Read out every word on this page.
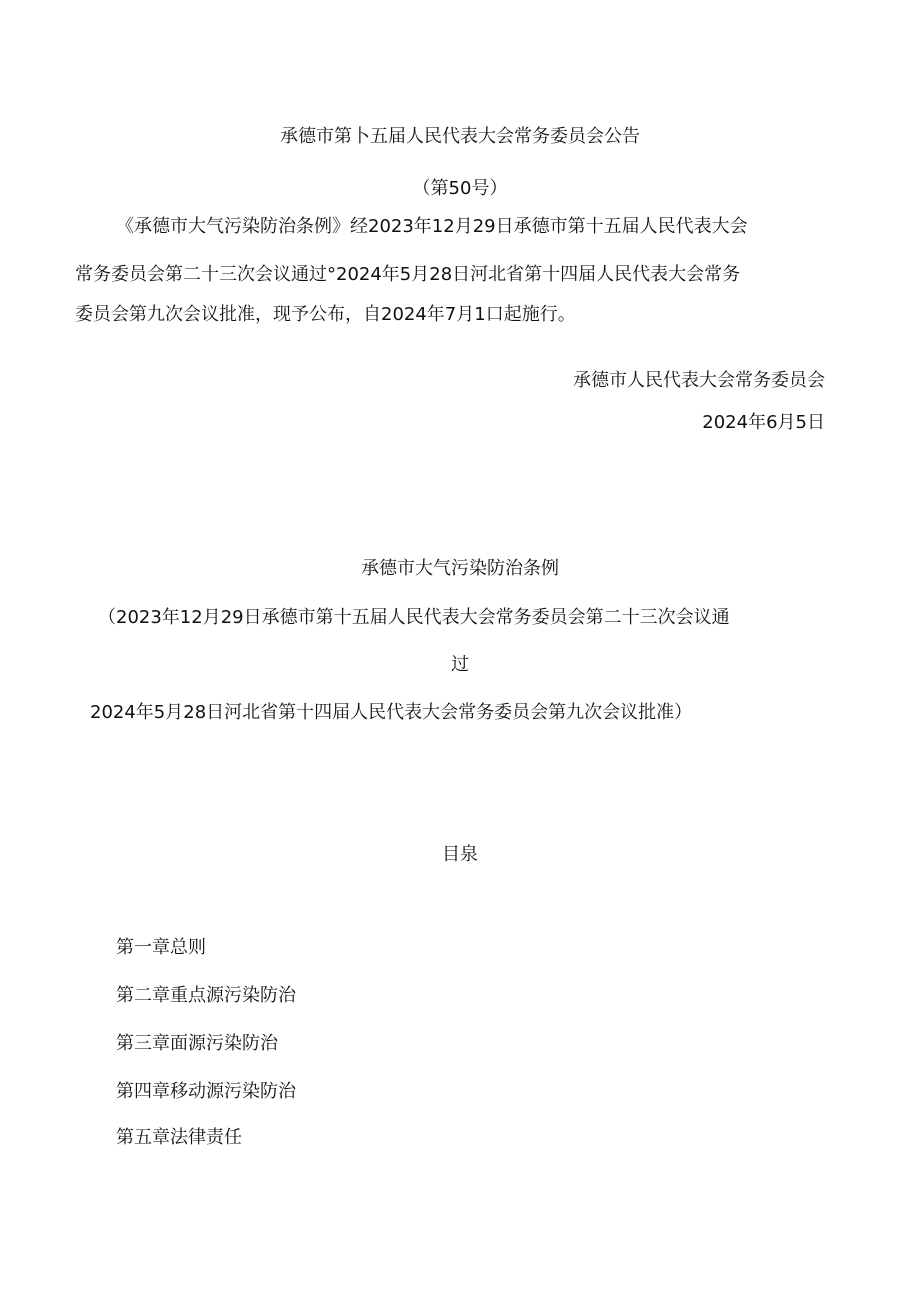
承德市第卜五届人民代表大会常务委员会公告
（第50号）
《承德市大气污染防治条例》经2023年12月29日承德市第十五届人民代表大会
常务委员会第二十三次会议通过°2024年5月28日河北省第十四届人民代表大会常务
委员会第九次会议批准，现予公布，自2024年7月1口起施行。
承德市人民代表大会常务委员会
2024年6月5日
承德市大气污染防治条例
（2023年12月29日承德市第十五届人民代表大会常务委员会第二十三次会议通
过
2024年5月28日河北省第十四届人民代表大会常务委员会第九次会议批准）
目泉
第一章总则
第二章重点源污染防治
第三章面源污染防治
第四章移动源污染防治
第五章法律责任
